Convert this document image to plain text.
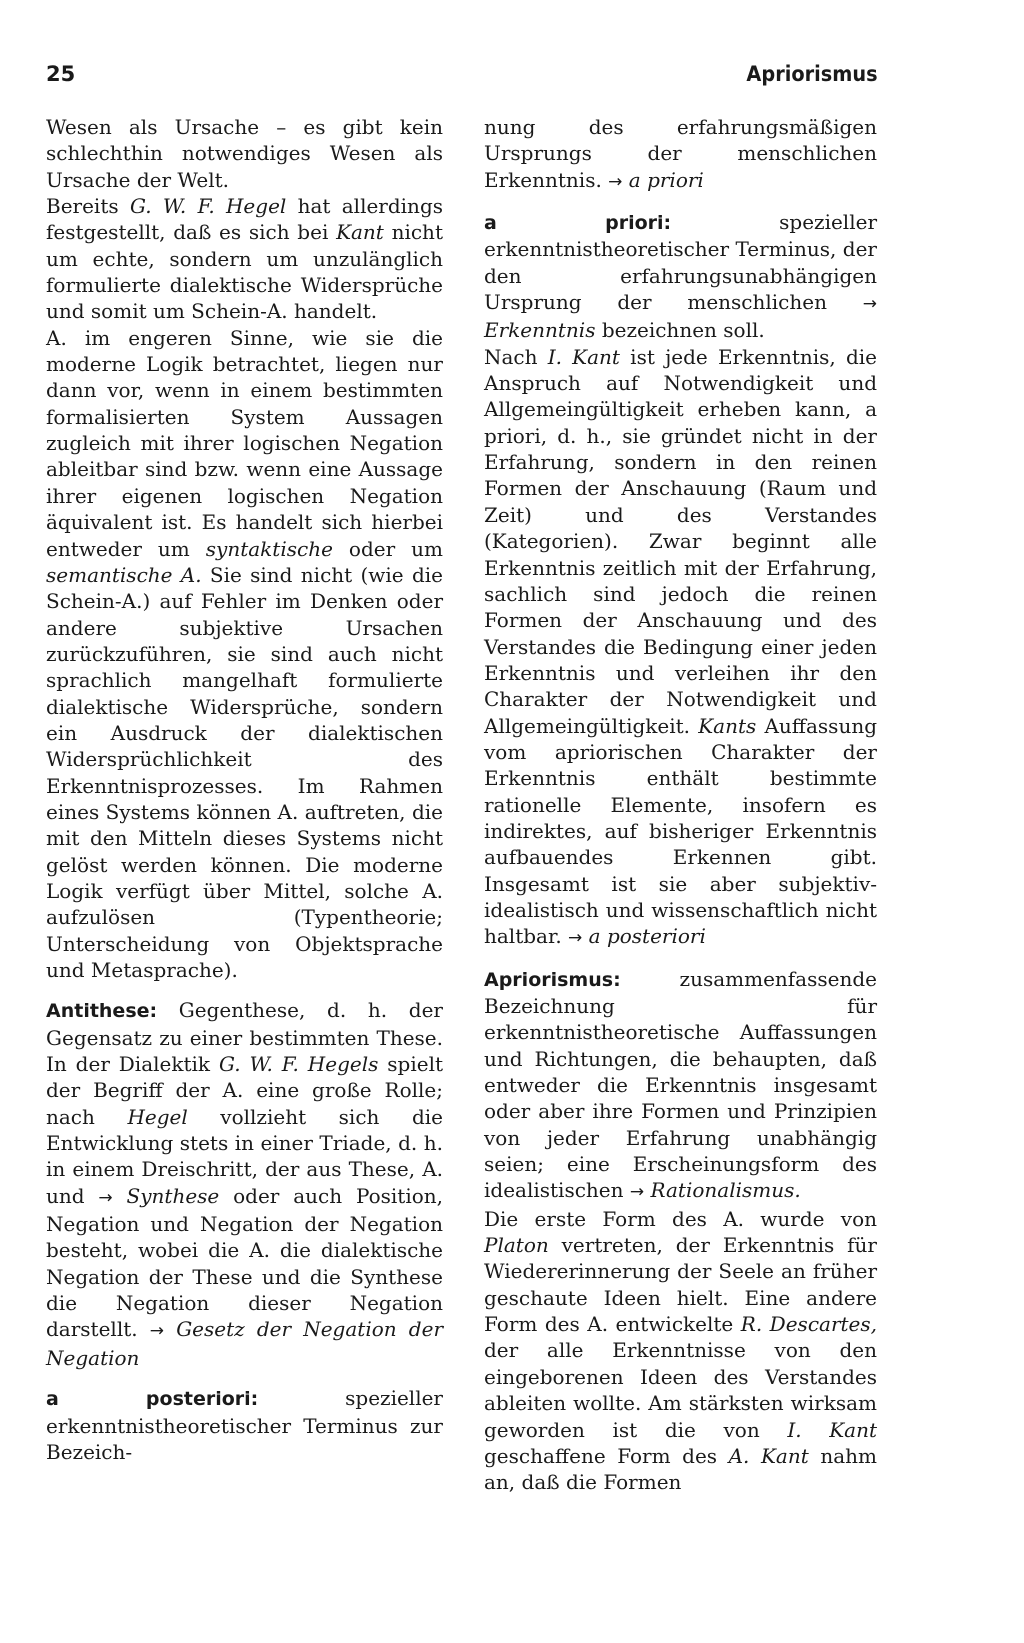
25	Apriorismus

Wesen als Ursache – es gibt kein schlechthin notwendiges Wesen als Ursache der Welt.

Bereits G. W. F. Hegel hat allerdings festgestellt, daß es sich bei Kant nicht um echte, sondern um unzulänglich formulierte dialektische Widersprüche und somit um Schein-A. handelt.

A. im engeren Sinne, wie sie die moderne Logik betrachtet, liegen nur dann vor, wenn in einem bestimmten formalisierten System Aussagen zugleich mit ihrer logischen Negation ableitbar sind bzw. wenn eine Aussage ihrer eigenen logischen Negation äquivalent ist. Es handelt sich hierbei entweder um syntaktische oder um semantische A. Sie sind nicht (wie die Schein-A.) auf Fehler im Denken oder andere subjektive Ursachen zurückzuführen, sie sind auch nicht sprachlich mangelhaft formulierte dialektische Widersprüche, sondern ein Ausdruck der dialektischen Widersprüchlichkeit des Erkenntnisprozesses. Im Rahmen eines Systems können A. auftreten, die mit den Mitteln dieses Systems nicht gelöst werden können. Die moderne Logik verfügt über Mittel, solche A. aufzulösen (Typentheorie; Unterscheidung von Objektsprache und Metasprache).

Antithese: Gegenthese, d. h. der Gegensatz zu einer bestimmten These. In der Dialektik G. W. F. Hegels spielt der Begriff der A. eine große Rolle; nach Hegel vollzieht sich die Entwicklung stets in einer Triade, d. h. in einem Dreischritt, der aus These, A. und → Synthese oder auch Position, Negation und Negation der Negation besteht, wobei die A. die dialektische Negation der These und die Synthese die Negation dieser Negation darstellt. → Gesetz der Negation der Negation

a posteriori: spezieller erkenntnistheoretischer Terminus zur Bezeich-

nung des erfahrungsmäßigen Ursprungs der menschlichen Erkenntnis. → a priori

a priori: spezieller erkenntnistheoretischer Terminus, der den erfahrungsunabhängigen Ursprung der menschlichen → Erkenntnis bezeichnen soll.

Nach I. Kant ist jede Erkenntnis, die Anspruch auf Notwendigkeit und Allgemeingültigkeit erheben kann, a priori, d. h., sie gründet nicht in der Erfahrung, sondern in den reinen Formen der Anschauung (Raum und Zeit) und des Verstandes (Kategorien). Zwar beginnt alle Erkenntnis zeitlich mit der Erfahrung, sachlich sind jedoch die reinen Formen der Anschauung und des Verstandes die Bedingung einer jeden Erkenntnis und verleihen ihr den Charakter der Notwendigkeit und Allgemeingültigkeit. Kants Auffassung vom apriorischen Charakter der Erkenntnis enthält bestimmte rationelle Elemente, insofern es indirektes, auf bisheriger Erkenntnis aufbauendes Erkennen gibt. Insgesamt ist sie aber subjektiv-idealistisch und wissenschaftlich nicht haltbar. → a posteriori

Apriorismus: zusammenfassende Bezeichnung für erkenntnistheoretische Auffassungen und Richtungen, die behaupten, daß entweder die Erkenntnis insgesamt oder aber ihre Formen und Prinzipien von jeder Erfahrung unabhängig seien; eine Erscheinungsform des idealistischen → Rationalismus.

Die erste Form des A. wurde von Platon vertreten, der Erkenntnis für Wiedererinnerung der Seele an früher geschaute Ideen hielt. Eine andere Form des A. entwickelte R. Descartes, der alle Erkenntnisse von den eingeborenen Ideen des Verstandes ableiten wollte. Am stärksten wirksam geworden ist die von I. Kant geschaffene Form des A. Kant nahm an, daß die Formen
